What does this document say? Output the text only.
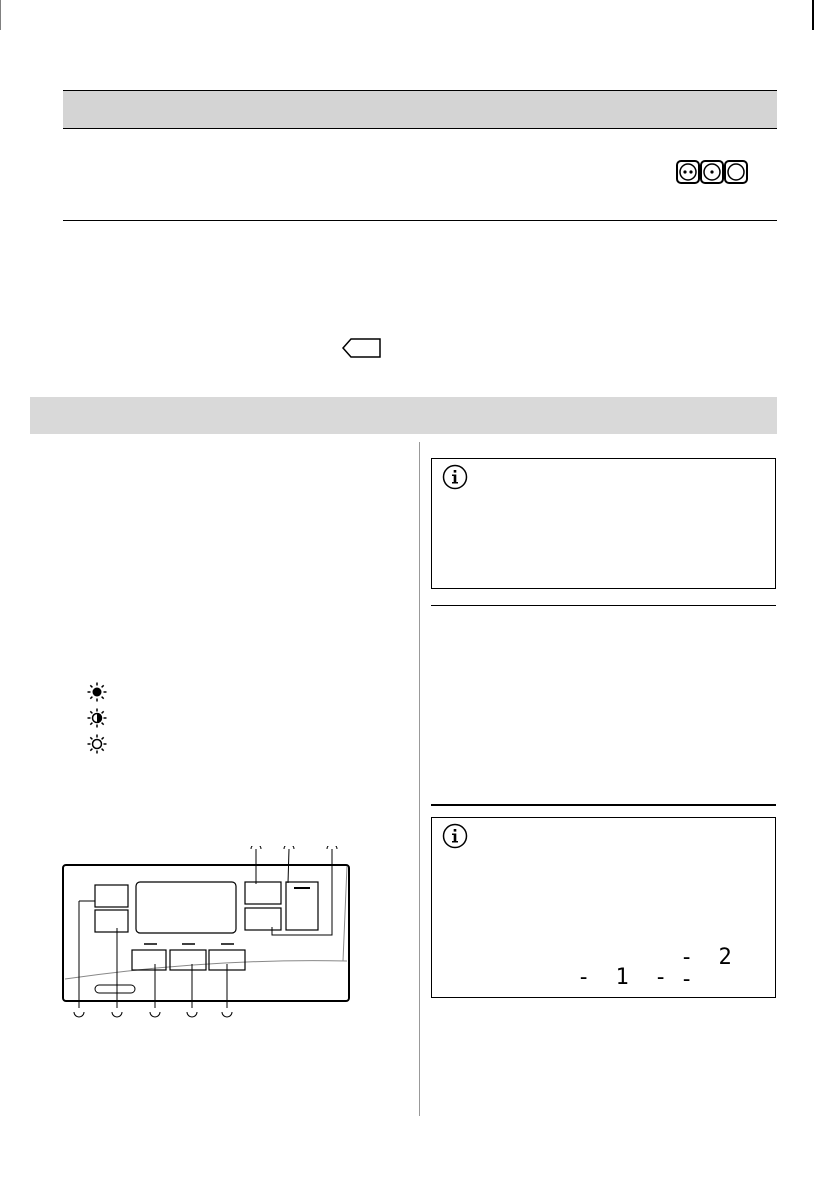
- 2 -
- 1 -
